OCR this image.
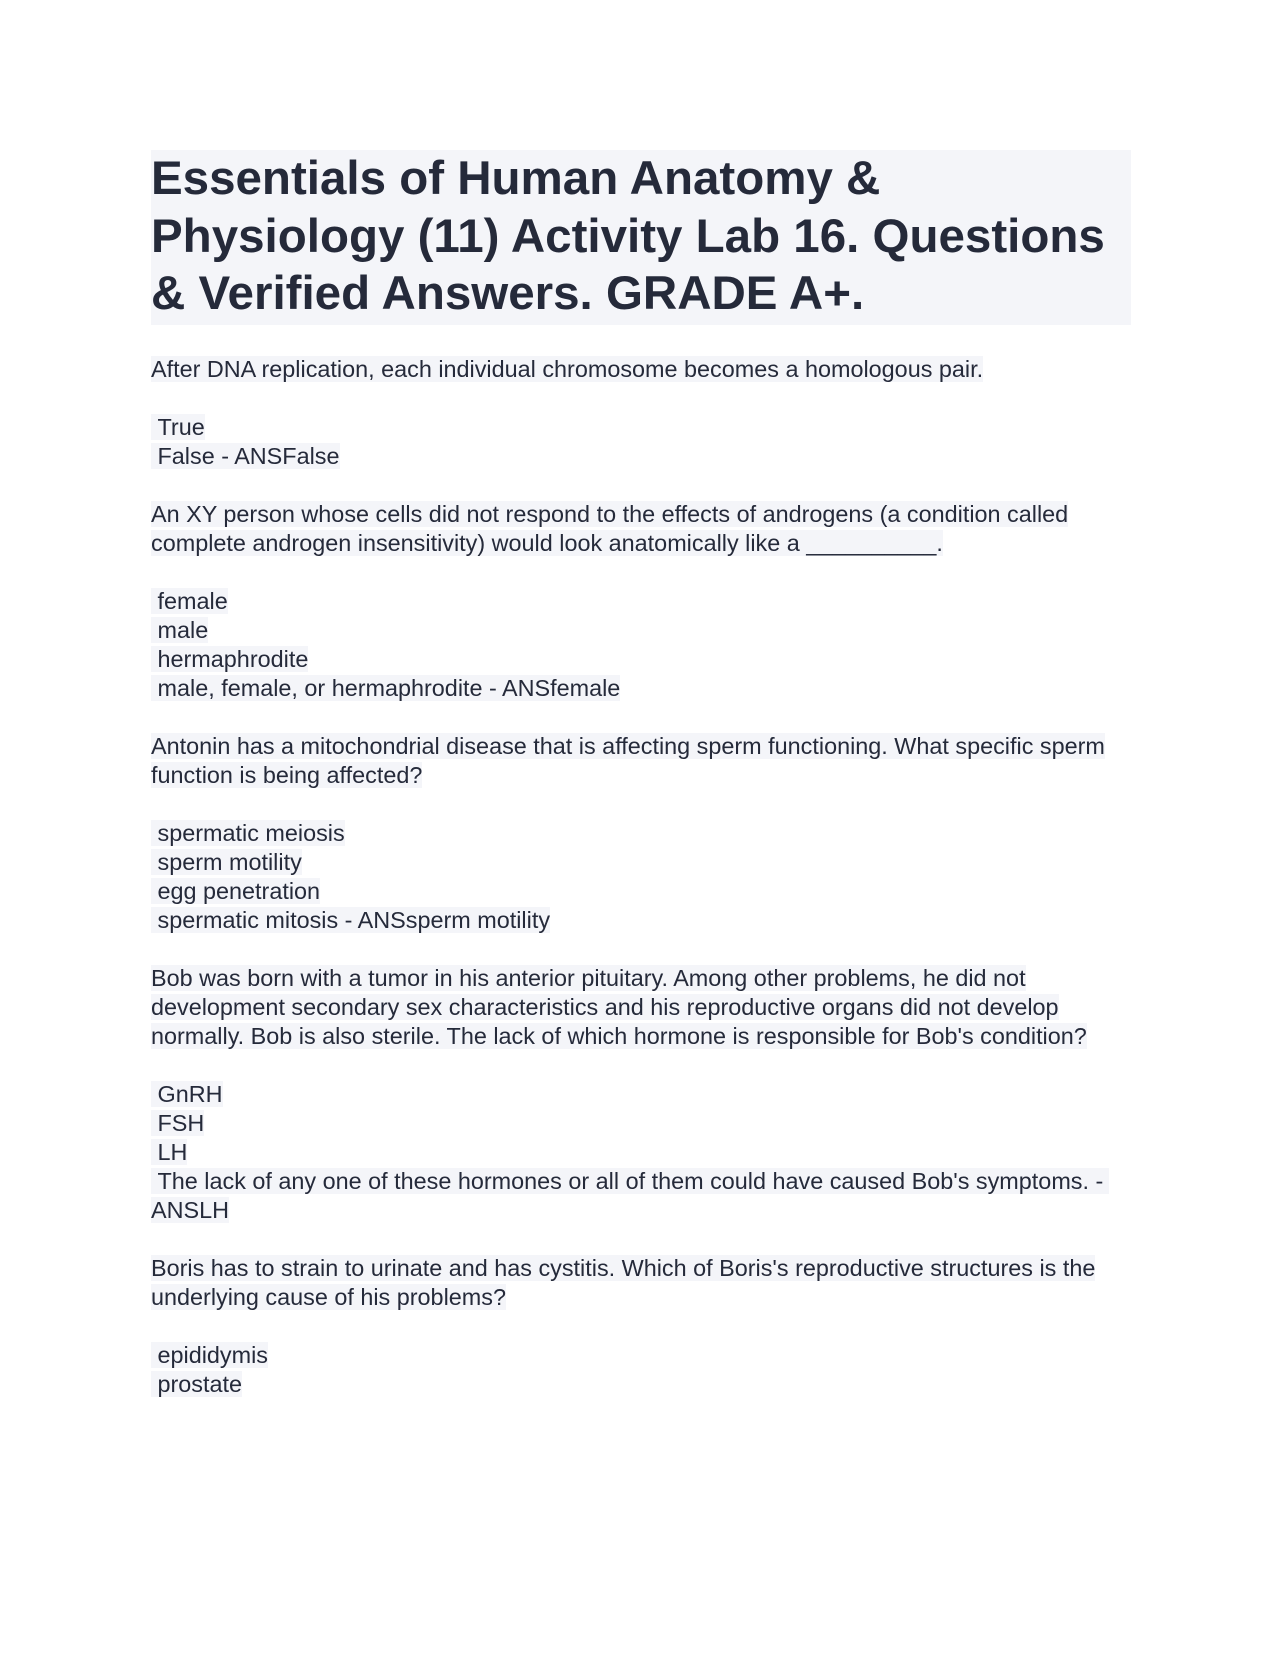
Essentials of Human Anatomy & Physiology (11) Activity Lab 16. Questions & Verified Answers. GRADE A+.

After DNA replication, each individual chromosome becomes a homologous pair.

True
False - ANSFalse

An XY person whose cells did not respond to the effects of androgens (a condition called complete androgen insensitivity) would look anatomically like a __________.

female
male
hermaphrodite
male, female, or hermaphrodite - ANSfemale

Antonin has a mitochondrial disease that is affecting sperm functioning. What specific sperm function is being affected?

spermatic meiosis
sperm motility
egg penetration
spermatic mitosis - ANSsperm motility

Bob was born with a tumor in his anterior pituitary. Among other problems, he did not development secondary sex characteristics and his reproductive organs did not develop normally. Bob is also sterile. The lack of which hormone is responsible for Bob's condition?

GnRH
FSH
LH
The lack of any one of these hormones or all of them could have caused Bob's symptoms. - ANSLH

Boris has to strain to urinate and has cystitis. Which of Boris's reproductive structures is the underlying cause of his problems?

epididymis
prostate
